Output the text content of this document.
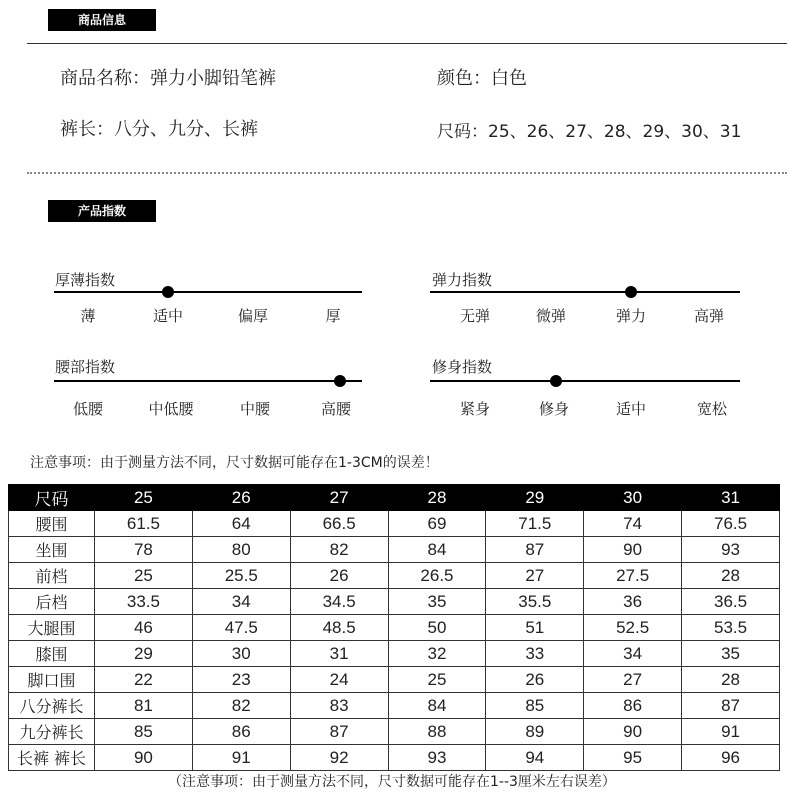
商品信息
商品名称：弹力小脚铅笔裤	颜色：白色
裤长：八分、九分、长裤	尺码：25、26、27、28、29、30、31
产品指数
厚薄指数
薄	适中	偏厚	厚
弹力指数
无弹	微弹	弹力	高弹
腰部指数
低腰	中低腰	中腰	高腰
修身指数
紧身	修身	适中	宽松
注意事项：由于测量方法不同，尺寸数据可能存在1-3CM的误差！
尺码	25	26	27	28	29	30	31
腰围	61.5	64	66.5	69	71.5	74	76.5
坐围	78	80	82	84	87	90	93
前档	25	25.5	26	26.5	27	27.5	28
后档	33.5	34	34.5	35	35.5	36	36.5
大腿围	46	47.5	48.5	50	51	52.5	53.5
膝围	29	30	31	32	33	34	35
脚口围	22	23	24	25	26	27	28
八分裤长	81	82	83	84	85	86	87
九分裤长	85	86	87	88	89	90	91
长裤 裤长	90	91	92	93	94	95	96
（注意事项：由于测量方法不同，尺寸数据可能存在1--3厘米左右误差）
